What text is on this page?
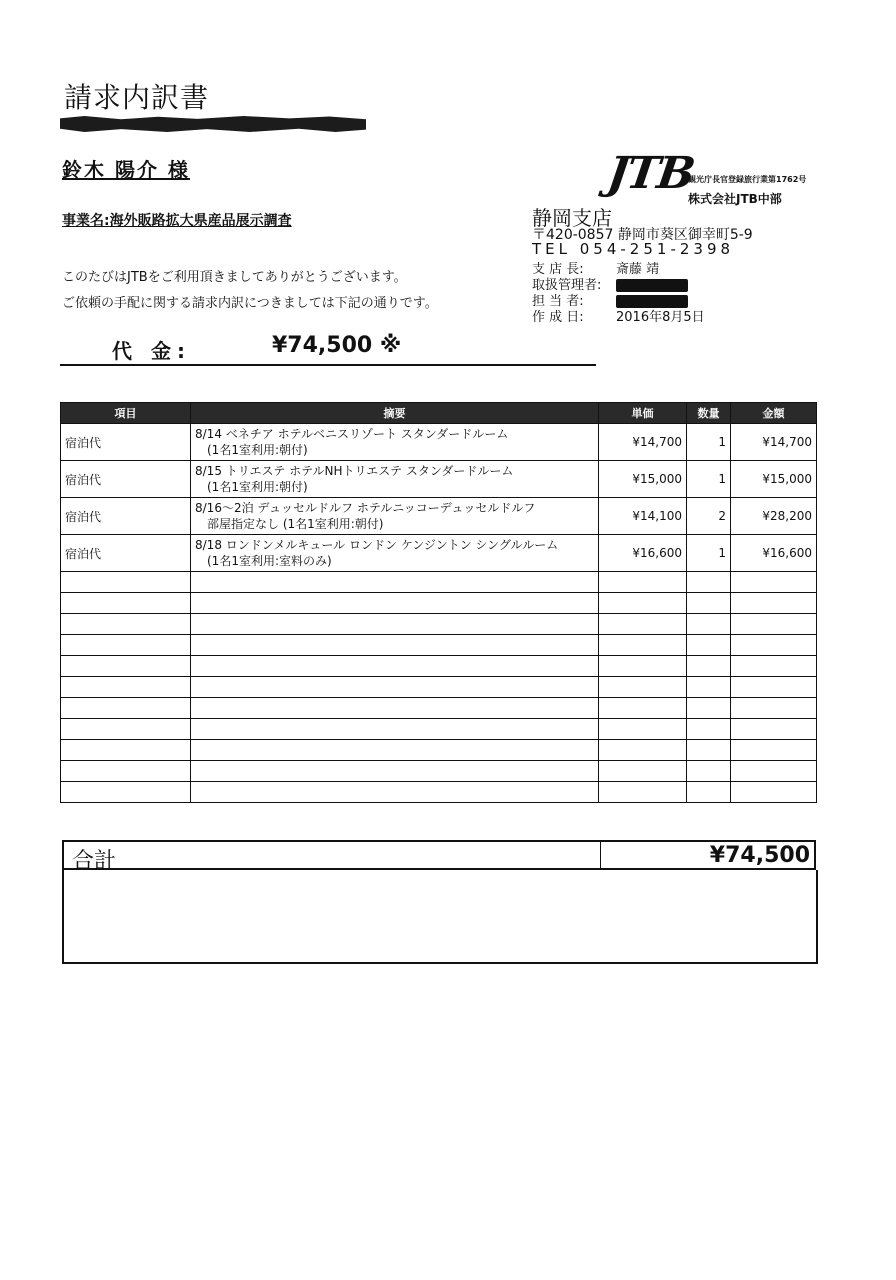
請求内訳書
鈴木 陽介 様
事業名:海外販路拡大県産品展示調査
このたびはJTBをご利用頂きましてありがとうございます。
ご依頼の手配に関する請求内訳につきましては下記の通りです。
代 金:	¥74,500 ※
JTB
観光庁長官登録旅行業第1762号
株式会社JTB中部
静岡支店
〒420-0857 静岡市葵区御幸町5-9
TEL 054-251-2398
支 店 長: 斎藤 靖
取扱管理者:
担 当 者:
作 成 日: 2016年8月5日
項目	摘要	単価	数量	金額
宿泊代	8/14 ベネチア ホテルベニスリゾート スタンダードルーム
(1名1室利用:朝付)	¥14,700	1	¥14,700
宿泊代	8/15 トリエステ ホテルNHトリエステ スタンダードルーム
(1名1室利用:朝付)	¥15,000	1	¥15,000
宿泊代	8/16〜2泊 デュッセルドルフ ホテルニッコーデュッセルドルフ
部屋指定なし (1名1室利用:朝付)	¥14,100	2	¥28,200
宿泊代	8/18 ロンドンメルキュール ロンドン ケンジントン シングルルーム
(1名1室利用:室料のみ)	¥16,600	1	¥16,600

合計	¥74,500
